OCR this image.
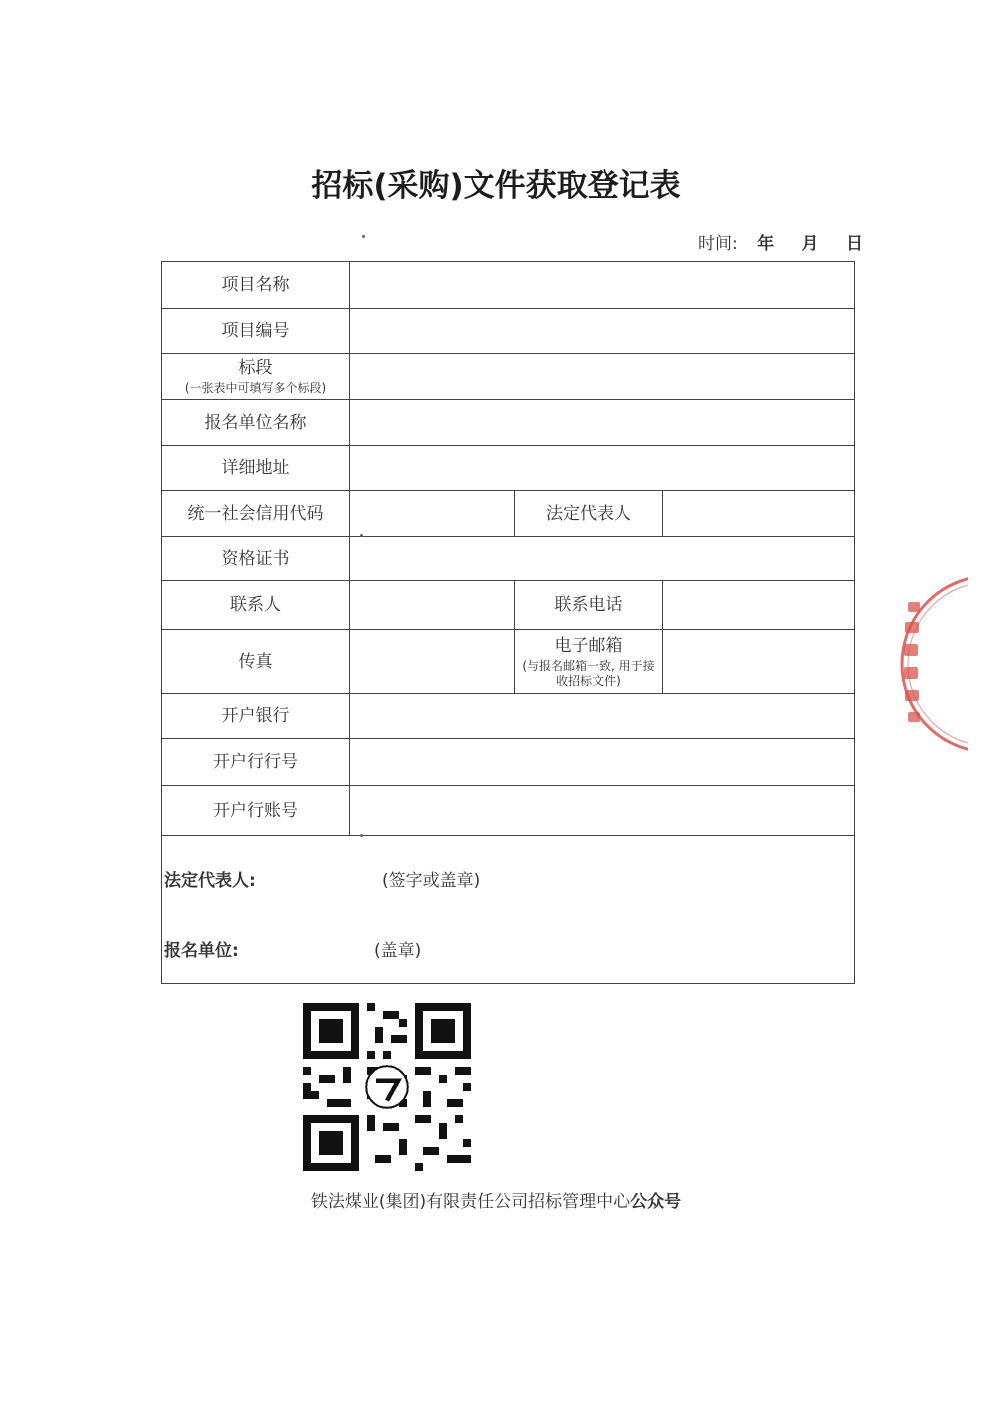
招标(采购)文件获取登记表
时间: 年 月 日
项目名称			

项目编号			

标段
(一张表中可填写多个标段)			

报名单位名称			

详细地址			

统一社会信用代码		法定代表人	

资格证书			

联系人		联系电话	

传真		电子邮箱
(与报名邮箱一致, 用于接收招标文件)	

开户银行			

开户行行号			

开户行账号			

法定代表人: (签字或盖章)
报名单位: (盖章)			
铁法煤业(集团)有限责任公司招标管理中心公众号
